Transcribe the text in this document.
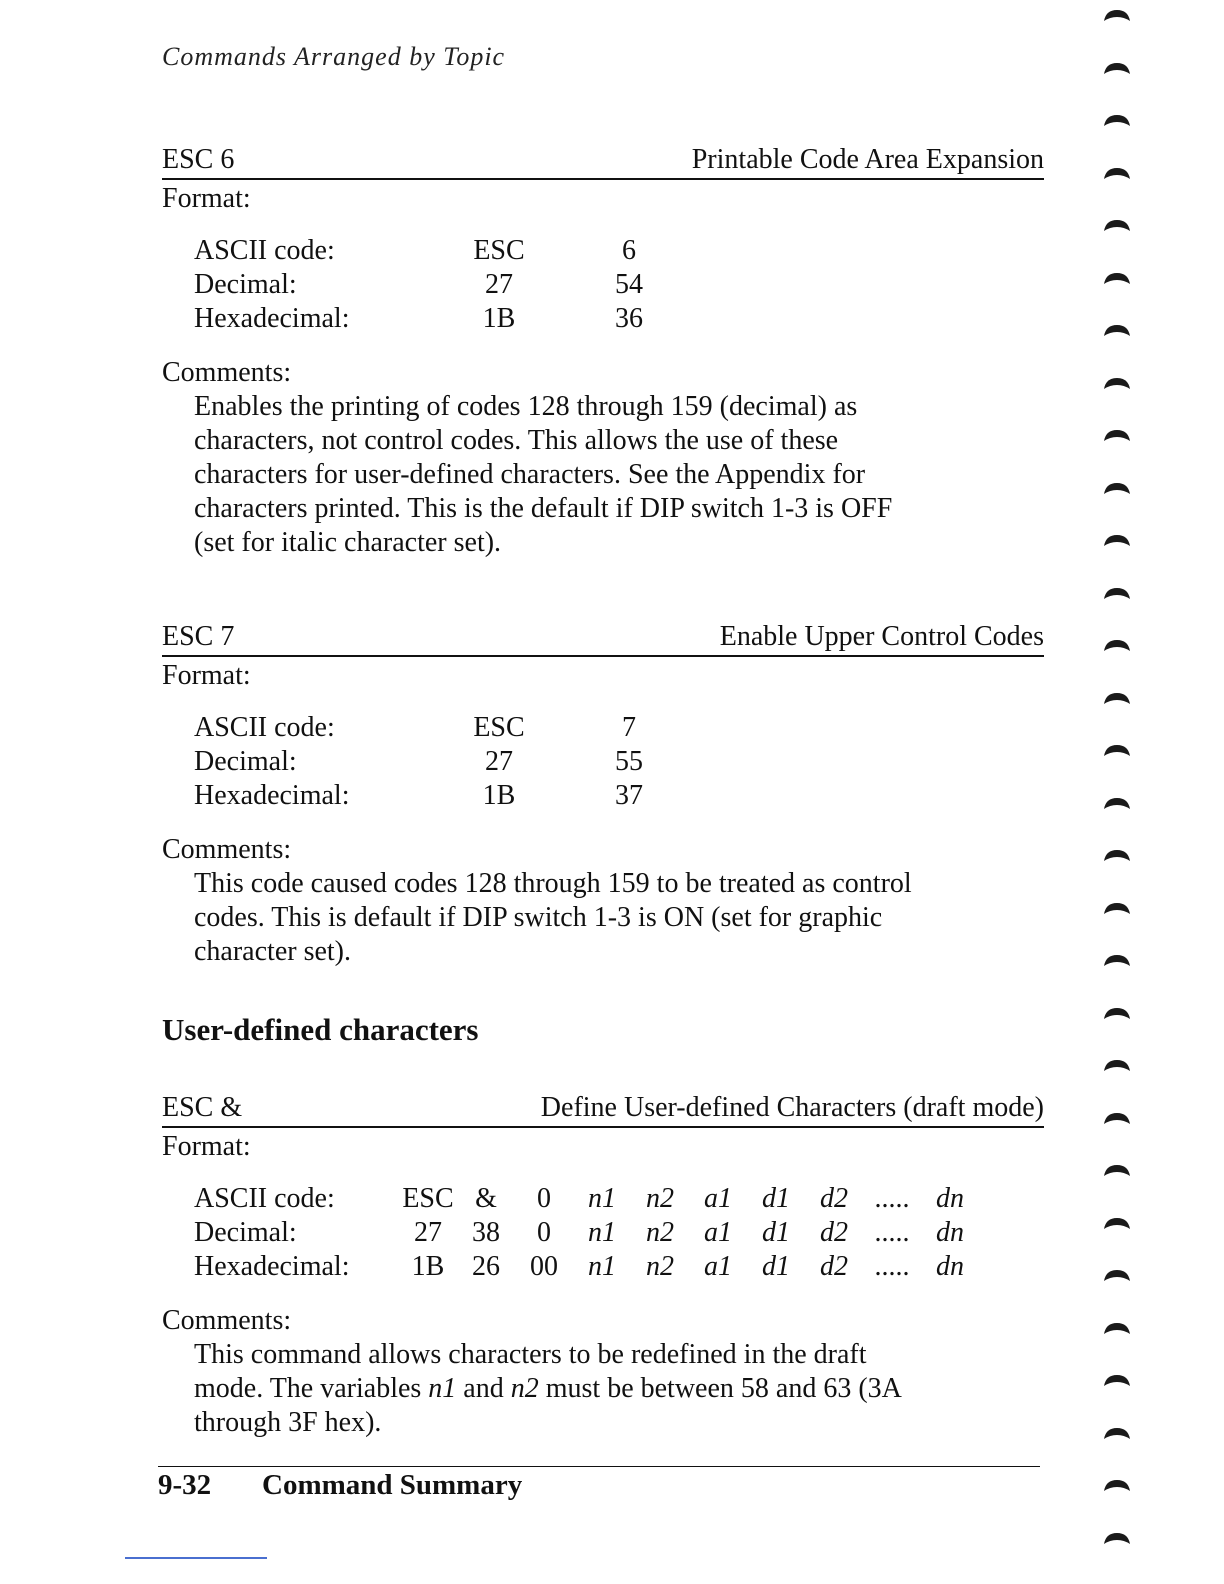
Commands Arranged by Topic
ESC 6	Printable Code Area Expansion
Format:
ASCII code:	ESC	6
Decimal:	27	54
Hexadecimal:	1B	36
Comments:
Enables the printing of codes 128 through 159 (decimal) as
characters, not control codes. This allows the use of these
characters for user-defined characters. See the Appendix for
characters printed. This is the default if DIP switch 1-3 is OFF
(set for italic character set).
ESC 7	Enable Upper Control Codes
Format:
ASCII code:	ESC	7
Decimal:	27	55
Hexadecimal:	1B	37
Comments:
This code caused codes 128 through 159 to be treated as control
codes. This is default if DIP switch 1-3 is ON (set for graphic
character set).
User-defined characters
ESC &	Define User-defined Characters (draft mode)
Format:
ASCII code:	ESC	&	0	n1	n2	a1	d1	d2	.....	dn
Decimal:	27	38	0	n1	n2	a1	d1	d2	.....	dn
Hexadecimal:	1B	26	00	n1	n2	a1	d1	d2	.....	dn
Comments:
This command allows characters to be redefined in the draft
mode. The variables n1 and n2 must be between 58 and 63 (3A
through 3F hex).
9-32 Command Summary
